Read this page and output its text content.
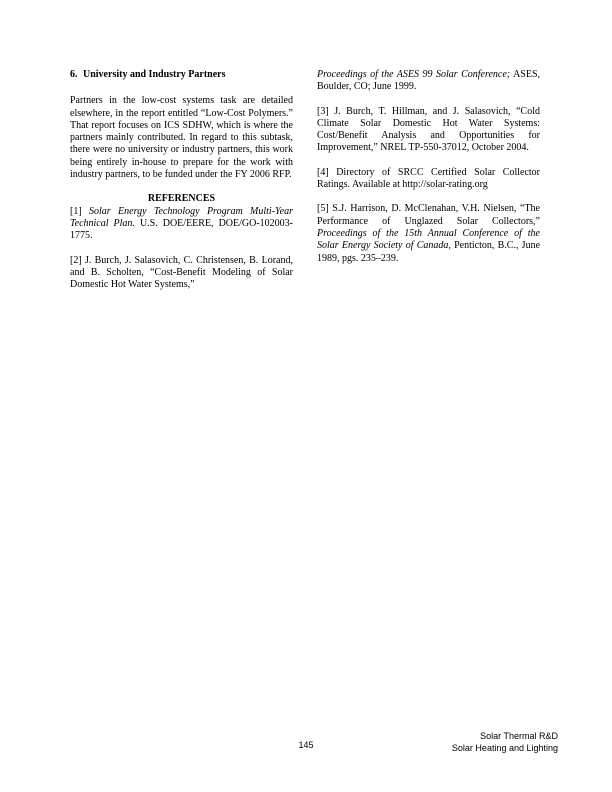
6. University and Industry Partners

Partners in the low-cost systems task are detailed elsewhere, in the report entitled “Low-Cost Polymers.” That report focuses on ICS SDHW, which is where the partners mainly contributed. In regard to this subtask, there were no university or industry partners, this work being entirely in-house to prepare for the work with industry partners, to be funded under the FY 2006 RFP.

REFERENCES

[1] Solar Energy Technology Program Multi-Year Technical Plan. U.S. DOE/EERE, DOE/GO-102003-1775.

[2] J. Burch, J. Salasovich, C. Christensen, B. Lorand, and B. Scholten, “Cost-Benefit Modeling of Solar Domestic Hot Water Systems,”

Proceedings of the ASES 99 Solar Conference; ASES, Boulder, CO; June 1999.

[3] J. Burch, T. Hillman, and J. Salasovich, “Cold Climate Solar Domestic Hot Water Systems: Cost/Benefit Analysis and Opportunities for Improvement,” NREL TP-550-37012, October 2004.

[4] Directory of SRCC Certified Solar Collector Ratings. Available at http://solar-rating.org

[5] S.J. Harrison, D. McClenahan, V.H. Nielsen, “The Performance of Unglazed Solar Collectors,” Proceedings of the 15th Annual Conference of the Solar Energy Society of Canada, Penticton, B.C., June 1989, pgs. 235–239.

145
Solar Thermal R&D
Solar Heating and Lighting
